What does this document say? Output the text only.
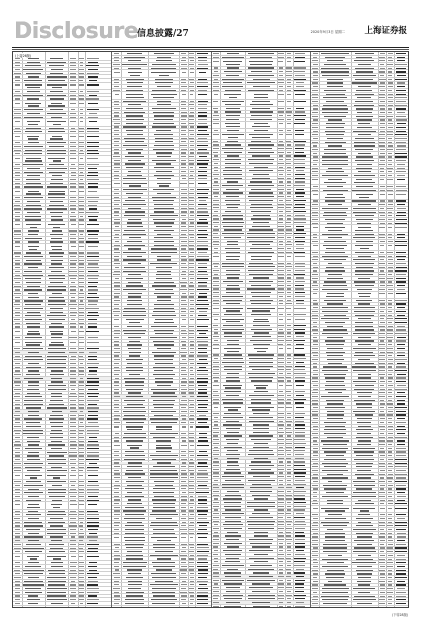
Disclosure
信息披露/27	2020年9月3日 星期二 上海证券报
(上接26版)
(下转28版)
